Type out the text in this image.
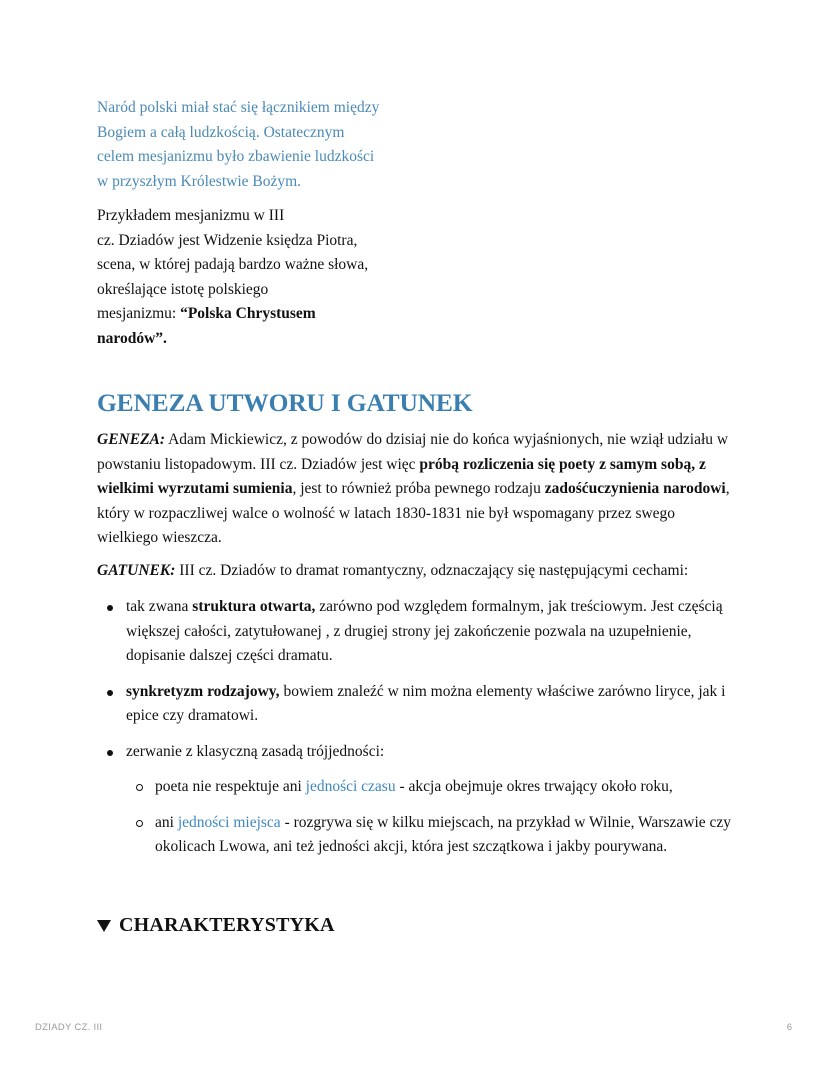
Naród polski miał stać się łącznikiem między
Bogiem a całą ludzkością. Ostatecznym
celem mesjanizmu było zbawienie ludzkości
w przyszłym Królestwie Bożym.

Przykładem mesjanizmu w III
cz. Dziadów jest Widzenie księdza Piotra,
scena, w której padają bardzo ważne słowa,
określające istotę polskiego
mesjanizmu: “Polska Chrystusem
narodów”.

GENEZA UTWORU I GATUNEK

GENEZA: Adam Mickiewicz, z powodów do dzisiaj nie do końca wyjaśnionych, nie wziął udziału w powstaniu listopadowym. III cz. Dziadów jest więc próbą rozliczenia się poety z samym sobą, z wielkimi wyrzutami sumienia, jest to również próba pewnego rodzaju zadośćuczynienia narodowi, który w rozpaczliwej walce o wolność w latach 1830-1831 nie był wspomagany przez swego wielkiego wieszcza.

GATUNEK: III cz. Dziadów to dramat romantyczny, odznaczający się następującymi cechami:

tak zwana struktura otwarta, zarówno pod względem formalnym, jak treściowym. Jest częścią większej całości, zatytułowanej , z drugiej strony jej zakończenie pozwala na uzupełnienie, dopisanie dalszej części dramatu.
synkretyzm rodzajowy, bowiem znaleźć w nim można elementy właściwe zarówno liryce, jak i epice czy dramatowi.
zerwanie z klasyczną zasadą trójjedności:
poeta nie respektuje ani jedności czasu - akcja obejmuje okres trwający około roku,
ani jedności miejsca - rozgrywa się w kilku miejscach, na przykład w Wilnie, Warszawie czy okolicach Lwowa, ani też jedności akcji, która jest szczątkowa i jakby pourywana.
CHARAKTERYSTYKA
DZIADY CZ. III	6
